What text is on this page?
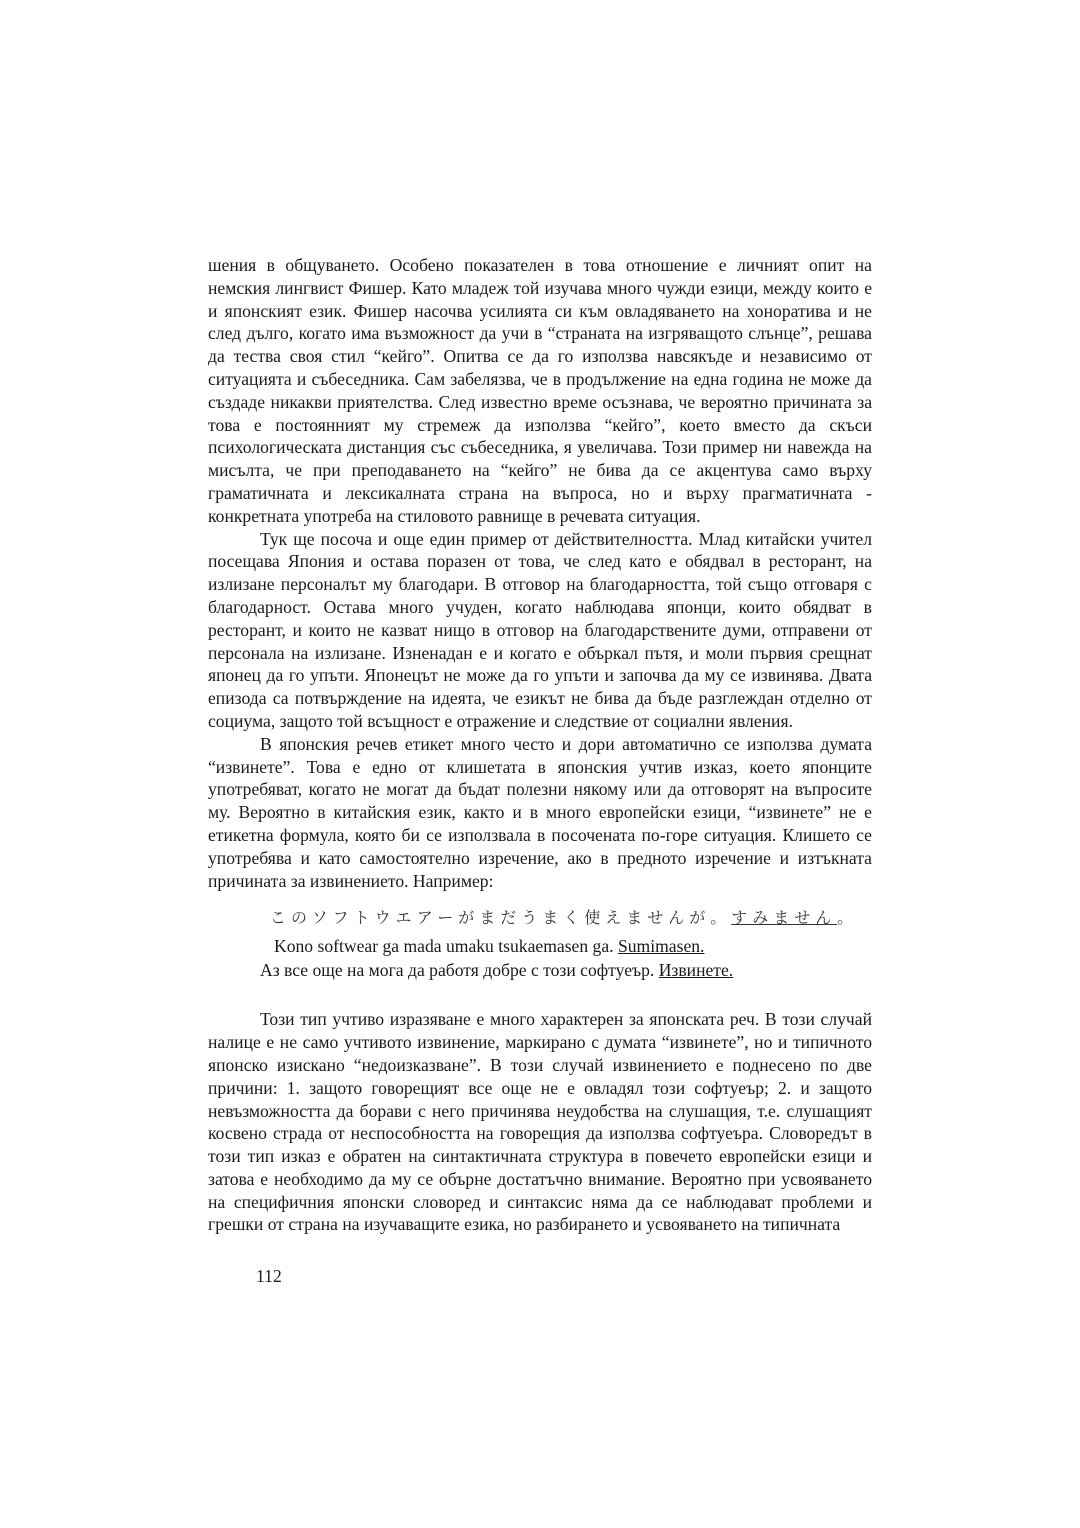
шения в общуването. Особено показателен в това отношение е личният опит на немския лингвист Фишер. Като младеж той изучава много чужди езици, между които е и японският език. Фишер насочва усилията си към овладяването на хоноратива и не след дълго, когато има възможност да учи в “страната на изгряващото слънце”, решава да тества своя стил “кейго”. Опитва се да го използва навсякъде и независимо от ситуацията и събеседника. Сам забелязва, че в продължение на една година не може да създаде никакви приятелства. След известно време осъзнава, че вероятно причината за това е постоянният му стремеж да използва “кейго”, което вместо да скъси психологическата дистанция със събеседника, я увеличава. Този пример ни навежда на мисълта, че при преподаването на “кейго” не бива да се акцентува само върху граматичната и лексикалната страна на въпроса, но и върху прагматичната - конкретната употреба на стиловото равнище в речевата ситуация.

Тук ще посоча и още един пример от действителността. Млад китайски учител посещава Япония и остава поразен от това, че след като е обядвал в ресторант, на излизане персоналът му благодари. В отговор на благодарността, той също отговаря с благодарност. Остава много учуден, когато наблюдава японци, които обядват в ресторант, и които не казват нищо в отговор на благодарствените думи, отправени от персонала на излизане. Изненадан е и когато е объркал пътя, и моли първия срещнат японец да го упъти. Японецът не може да го упъти и започва да му се извинява. Двата епизода са потвърждение на идеята, че езикът не бива да бъде разглеждан отделно от социума, защото той всъщност е отражение и следствие от социални явления.

В японския речев етикет много често и дори автоматично се използва думата “извинете”. Това е едно от клишетата в японския учтив изказ, което японците употребяват, когато не могат да бъдат полезни някому или да отговорят на въпросите му. Вероятно в китайския език, както и в много европейски езици, “извинете” не е етикетна формула, която би се използвала в посочената по-горе ситуация. Клишето се употребява и като самостоятелно изречение, ако в предното изречение и изтъкната причината за извинението. Например:

このソフトウエアーがまだうまく使えませんが。すみません。
Kono softwear ga mada umaku tsukaemasen ga. Sumimasen.
Аз все още на мога да работя добре с този софтуеър. Извинете.

Този тип учтиво изразяване е много характерен за японската реч. В този случай налице е не само учтивото извинение, маркирано с думата “извинете”, но и типичното японско изискано “недоизказване”. В този случай извинението е поднесено по две причини: 1. защото говорещият все още не е овладял този софтуеър; 2. и защото невъзможността да борави с него причинява неудобства на слушащия, т.е. слушащият косвено страда от неспособността на говорещия да използва софтуеъра. Словоредът в този тип изказ е обратен на синтактичната структура в повечето европейски езици и затова е необходимо да му се обърне достатъчно внимание. Вероятно при усвояването на специфичния японски словоред и синтаксис няма да се наблюдават проблеми и грешки от страна на изучаващите езика, но разбирането и усвояването на типичната

112
